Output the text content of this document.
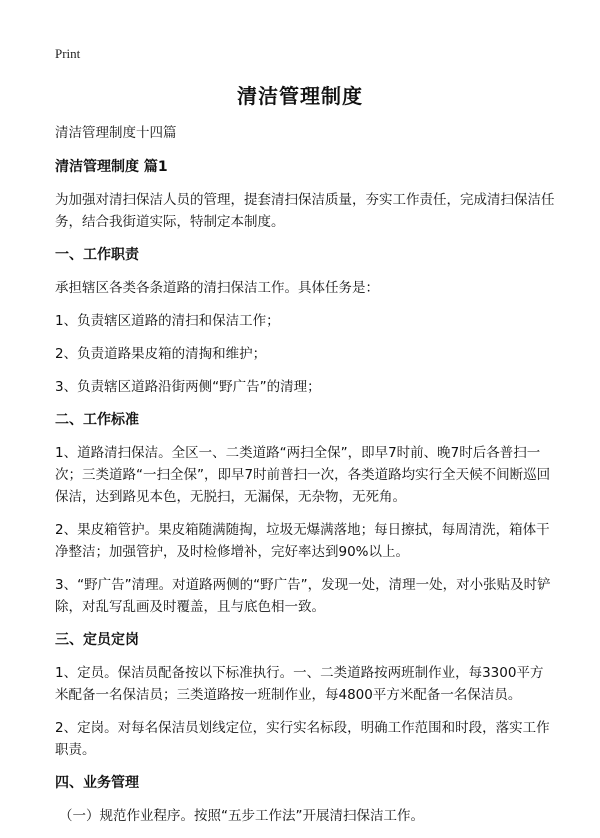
Print
清洁管理制度

清洁管理制度十四篇

清洁管理制度 篇1

为加强对清扫保洁人员的管理，提套清扫保洁质量，夯实工作责任，完成清扫保洁任务，结合我街道实际，特制定本制度。

一、工作职责

承担辖区各类各条道路的清扫保洁工作。具体任务是：

1、负责辖区道路的清扫和保洁工作；

2、负责道路果皮箱的清掏和维护；

3、负责辖区道路沿街两侧“野广告”的清理；

二、工作标准

1、道路清扫保洁。全区一、二类道路“两扫全保”，即早7时前、晚7时后各普扫一次；三类道路“一扫全保”，即早7时前普扫一次，各类道路均实行全天候不间断巡回保洁，达到路见本色，无脱扫，无漏保，无杂物，无死角。

2、果皮箱管护。果皮箱随满随掏，垃圾无爆满落地；每日擦拭，每周清洗，箱体干净整洁；加强管护，及时检修增补，完好率达到90%以上。

3、“野广告”清理。对道路两侧的“野广告”，发现一处，清理一处，对小张贴及时铲除，对乱写乱画及时覆盖，且与底色相一致。

三、定员定岗

1、定员。保洁员配备按以下标准执行。一、二类道路按两班制作业，每3300平方米配备一名保洁员；三类道路按一班制作业，每4800平方米配备一名保洁员。

2、定岗。对每名保洁员划线定位，实行实名标段，明确工作范围和时段，落实工作职责。

四、业务管理

（一）规范作业程序。按照“五步工作法”开展清扫保洁工作。
